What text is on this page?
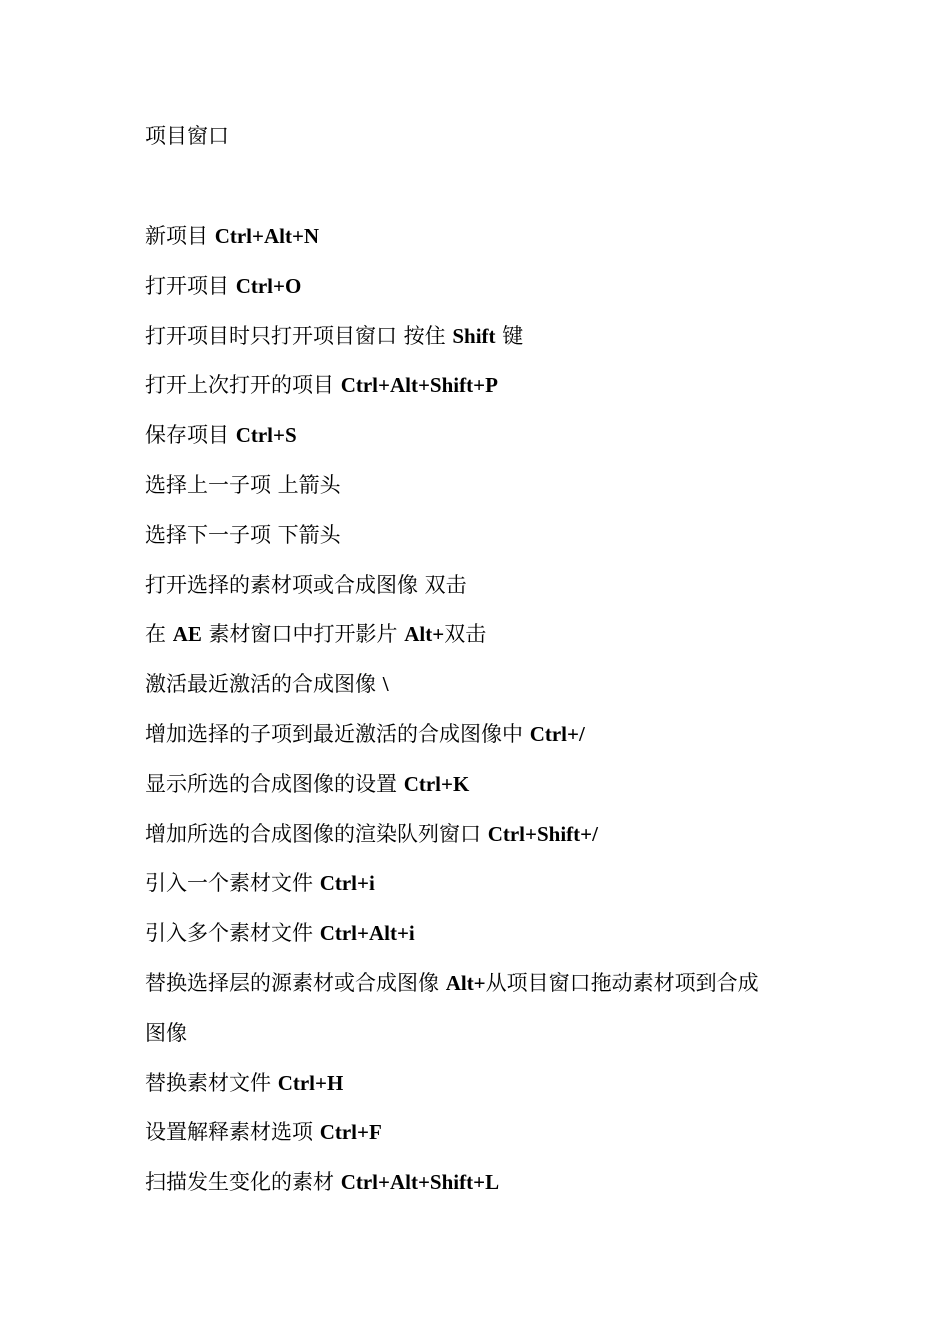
项目窗口
新项目 Ctrl+Alt+N
打开项目 Ctrl+O
打开项目时只打开项目窗口 按住 Shift 键
打开上次打开的项目 Ctrl+Alt+Shift+P
保存项目 Ctrl+S
选择上一子项 上箭头
选择下一子项 下箭头
打开选择的素材项或合成图像 双击
在 AE 素材窗口中打开影片 Alt+双击
激活最近激活的合成图像 \
增加选择的子项到最近激活的合成图像中 Ctrl+/
显示所选的合成图像的设置 Ctrl+K
增加所选的合成图像的渲染队列窗口 Ctrl+Shift+/
引入一个素材文件 Ctrl+i
引入多个素材文件 Ctrl+Alt+i
替换选择层的源素材或合成图像 Alt+从项目窗口拖动素材项到合成
图像
替换素材文件 Ctrl+H
设置解释素材选项 Ctrl+F
扫描发生变化的素材 Ctrl+Alt+Shift+L
